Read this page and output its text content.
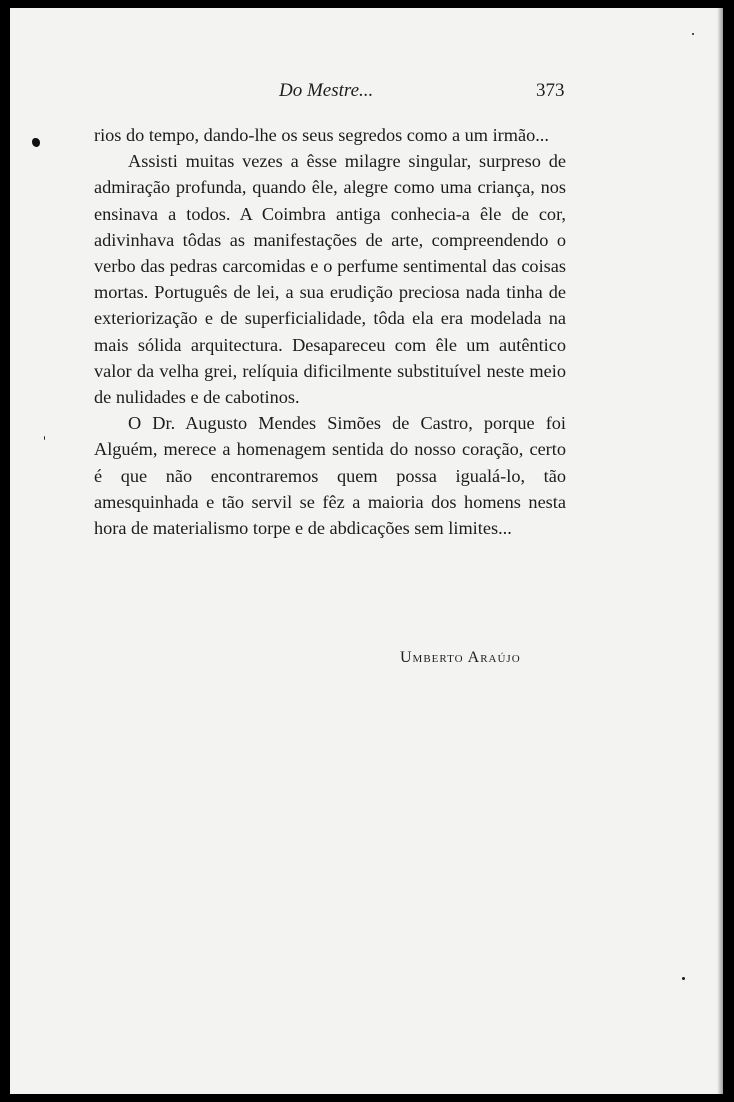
Do Mestre...	373

rios do tempo, dando-lhe os seus segredos como a um irmão...

Assisti muitas vezes a êsse milagre singular, surpreso de admiração profunda, quando êle, alegre como uma criança, nos ensinava a todos. A Coimbra antiga conhecia-a êle de cor, adivinhava tôdas as manifestações de arte, compreendendo o verbo das pedras carcomidas e o perfume sentimental das coisas mortas. Português de lei, a sua erudição preciosa nada tinha de exteriorização e de superficialidade, tôda ela era modelada na mais sólida arquitectura. Desapareceu com êle um autêntico valor da velha grei, relíquia dificilmente substituível neste meio de nulidades e de cabotinos.

O Dr. Augusto Mendes Simões de Castro, porque foi Alguém, merece a homenagem sentida do nosso coração, certo é que não encontraremos quem possa igualá-lo, tão amesquinhada e tão servil se fêz a maioria dos homens nesta hora de materialismo torpe e de abdicações sem limites...

Umberto Araújo
